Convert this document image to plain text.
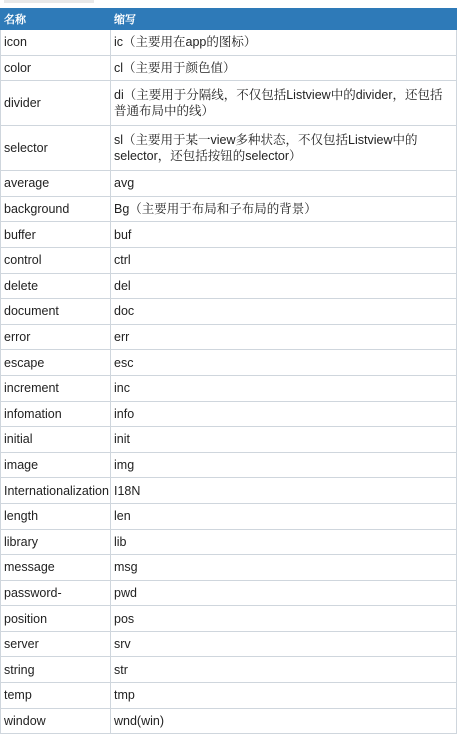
名称	缩写
icon	ic（主要用在app的图标）
color	cl（主要用于颜色值）
divider	di（主要用于分隔线，不仅包括Listview中的divider，还包括普通布局中的线）
selector	sl（主要用于某一view多种状态，不仅包括Listview中的selector，还包括按钮的selector）
average	avg
background	Bg（主要用于布局和子布局的背景）
buffer	buf
control	ctrl
delete	del
document	doc
error	err
escape	esc
increment	inc
infomation	info
initial	init
image	img
Internationalization	I18N
length	len
library	lib
message	msg
password-	pwd
position	pos
server	srv
string	str
temp	tmp
window	wnd(win)
